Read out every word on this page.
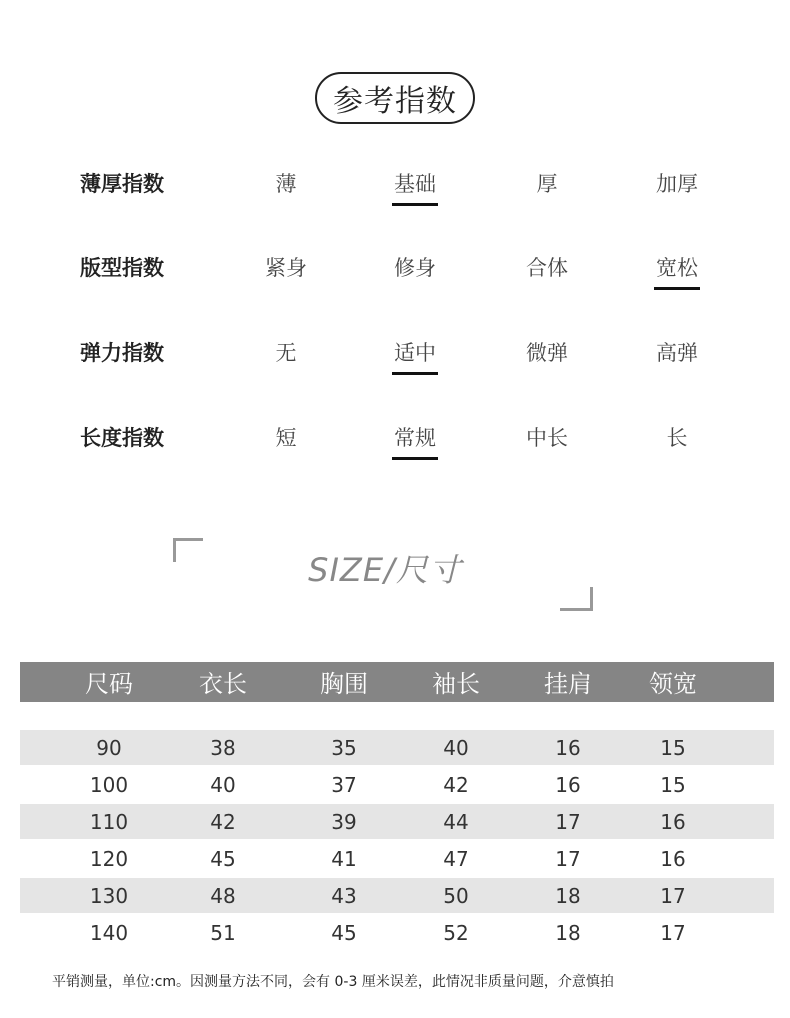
参考指数
薄厚指数	薄	基础	厚	加厚
版型指数	紧身	修身	合体	宽松
弹力指数	无	适中	微弹	高弹
长度指数	短	常规	中长	长
SIZE/尺寸
尺码	衣长	胸围	袖长	挂肩	领宽
90	38	35	40	16	15
100	40	37	42	16	15
110	42	39	44	17	16
120	45	41	47	17	16
130	48	43	50	18	17
140	51	45	52	18	17
平销测量，单位:cm。因测量方法不同，会有 0-3 厘米误差，此情况非质量问题，介意慎拍
